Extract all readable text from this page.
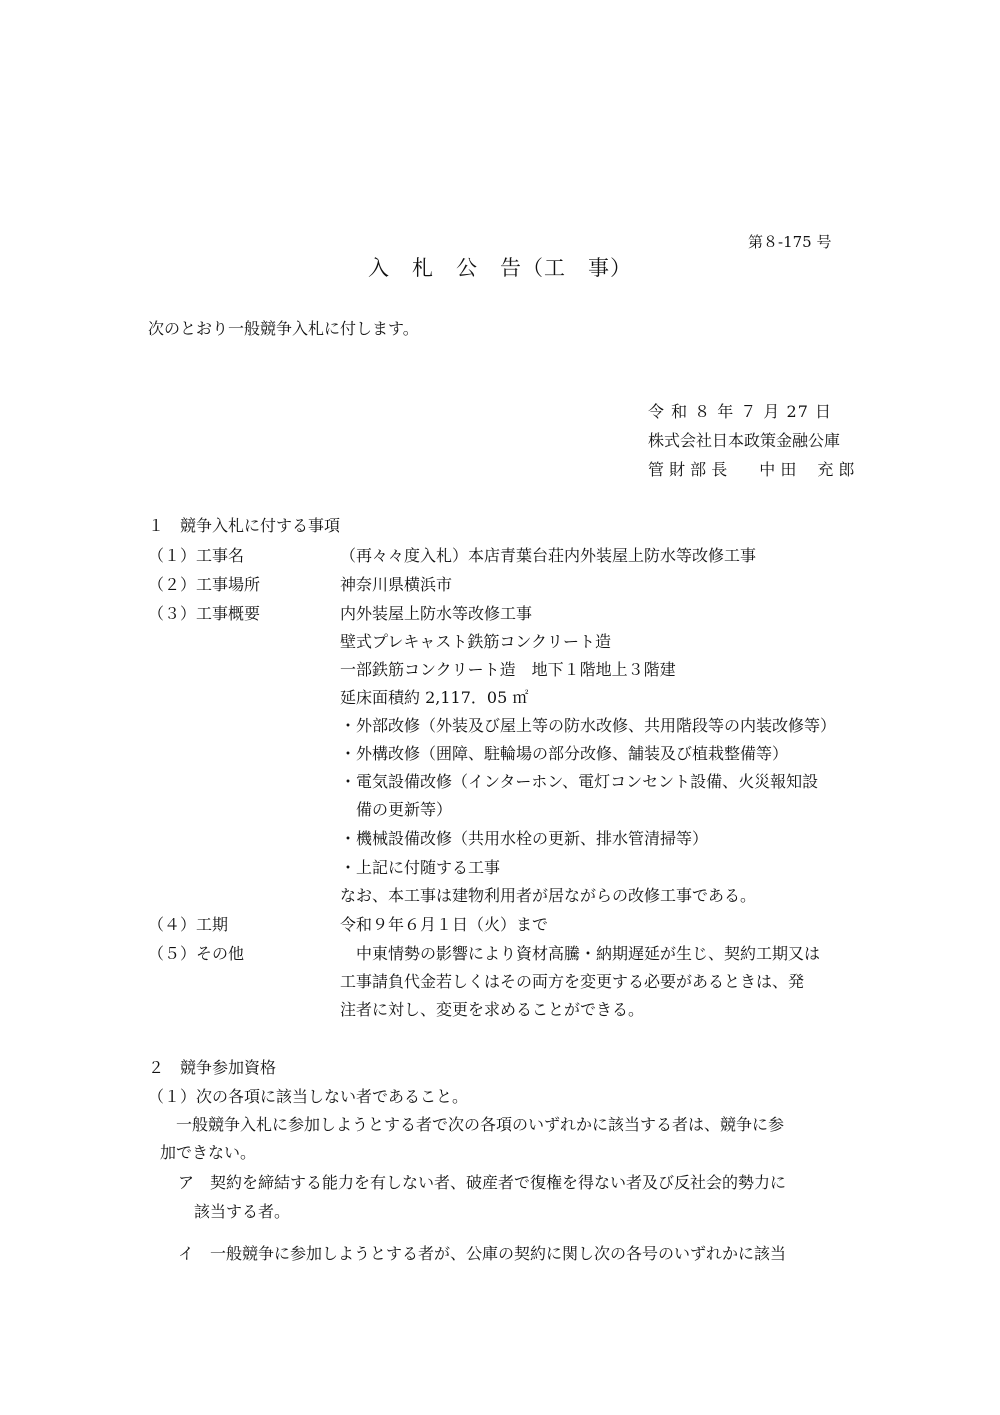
第８-175 号
入　札　公　告（工　事）
次のとおり一般競争入札に付します。
令 和 ８ 年 ７ 月 27 日
株式会社日本政策金融公庫
管 財 部 長　　中 田　 充 郎
１　競争入札に付する事項
（１）工事名	（再々々度入札）本店青葉台荘内外装屋上防水等改修工事
（２）工事場所	神奈川県横浜市
（３）工事概要	内外装屋上防水等改修工事
壁式プレキャスト鉄筋コンクリート造
一部鉄筋コンクリート造　地下１階地上３階建
延床面積約 2,117．05 ㎡
・外部改修（外装及び屋上等の防水改修、共用階段等の内装改修等）
・外構改修（囲障、駐輪場の部分改修、舗装及び植栽整備等）
・電気設備改修（インターホン、電灯コンセント設備、火災報知設
　備の更新等）
・機械設備改修（共用水栓の更新、排水管清掃等）
・上記に付随する工事
なお、本工事は建物利用者が居ながらの改修工事である。
（４）工期	令和９年６月１日（火）まで
（５）その他	　中東情勢の影響により資材高騰・納期遅延が生じ、契約工期又は
工事請負代金若しくはその両方を変更する必要があるときは、発
注者に対し、変更を求めることができる。
２　競争参加資格
（１）次の各項に該当しない者であること。
　一般競争入札に参加しようとする者で次の各項のいずれかに該当する者は、競争に参
加できない。
ア　契約を締結する能力を有しない者、破産者で復権を得ない者及び反社会的勢力に
　該当する者。
イ　一般競争に参加しようとする者が、公庫の契約に関し次の各号のいずれかに該当
